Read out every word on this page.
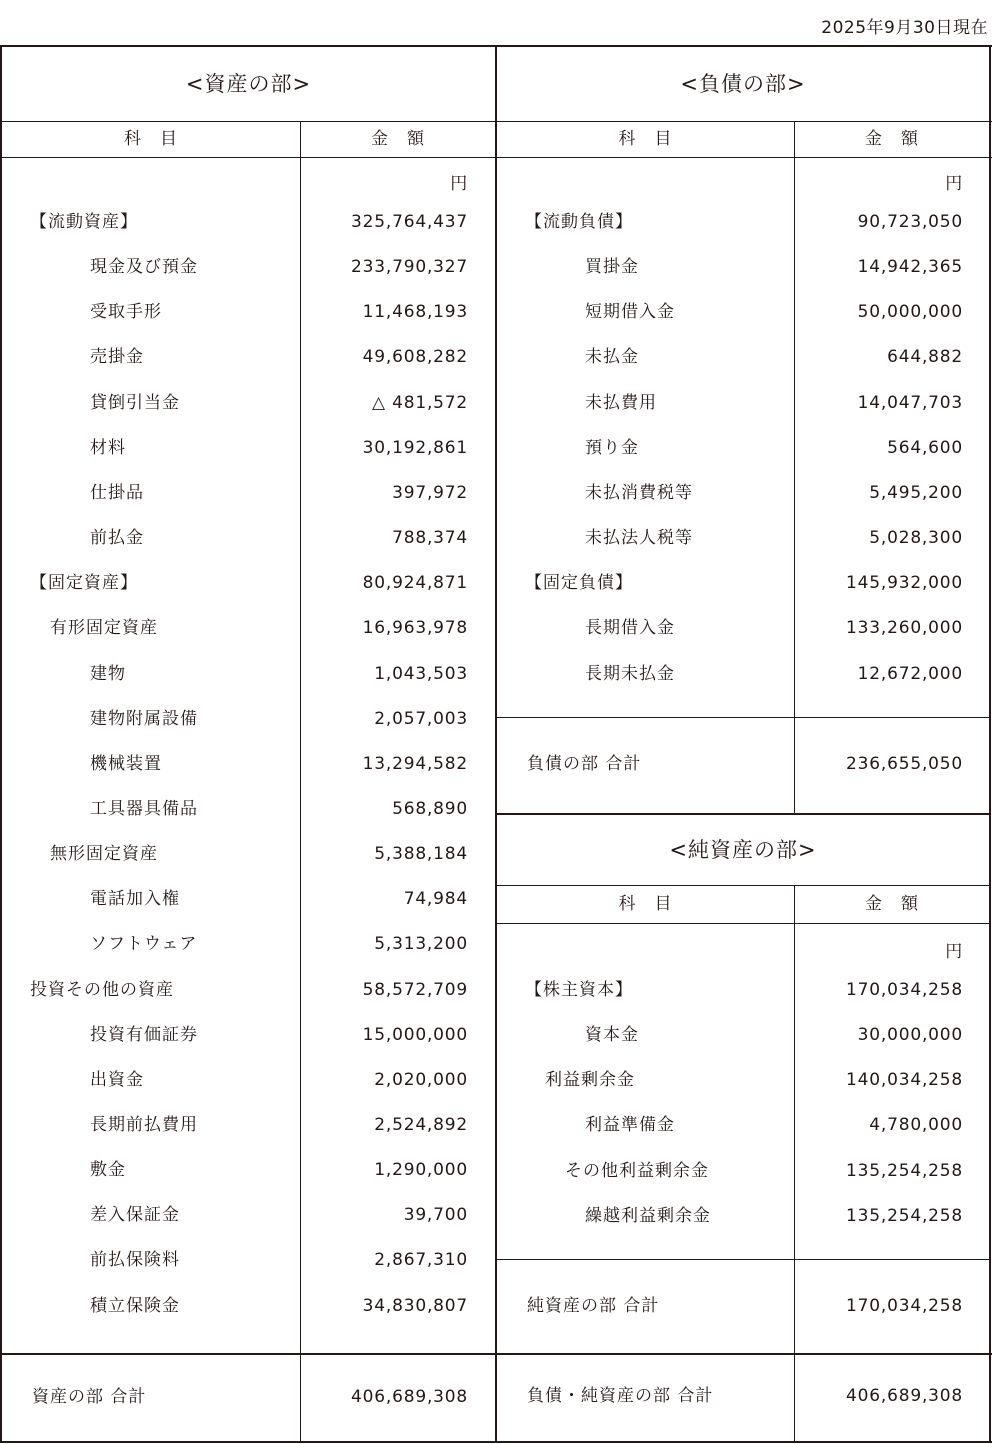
2025年9月30日現在
<資産の部>	<負債の部>
<純資産の部>
科　目	金　額	科　目	金　額
科　目	金　額
円	円
円
【流動資産】	325,764,437
現金及び預金	233,790,327
受取手形	11,468,193
売掛金	49,608,282
貸倒引当金	△ 481,572
材料	30,192,861
仕掛品	397,972
前払金	788,374
【固定資産】	80,924,871
有形固定資産	16,963,978
建物	1,043,503
建物附属設備	2,057,003
機械装置	13,294,582
工具器具備品	568,890
無形固定資産	5,388,184
電話加入権	74,984
ソフトウェア	5,313,200
投資その他の資産	58,572,709
投資有価証券	15,000,000
出資金	2,020,000
長期前払費用	2,524,892
敷金	1,290,000
差入保証金	39,700
前払保険料	2,867,310
積立保険金	34,830,807
【流動負債】	90,723,050
買掛金	14,942,365
短期借入金	50,000,000
未払金	644,882
未払費用	14,047,703
預り金	564,600
未払消費税等	5,495,200
未払法人税等	5,028,300
【固定負債】	145,932,000
長期借入金	133,260,000
長期未払金	12,672,000
【株主資本】	170,034,258
資本金	30,000,000
利益剰余金	140,034,258
利益準備金	4,780,000
その他利益剰余金	135,254,258
繰越利益剰余金	135,254,258
負債の部 合計	236,655,050
純資産の部 合計	170,034,258
資産の部 合計	406,689,308	負債・純資産の部 合計	406,689,308
